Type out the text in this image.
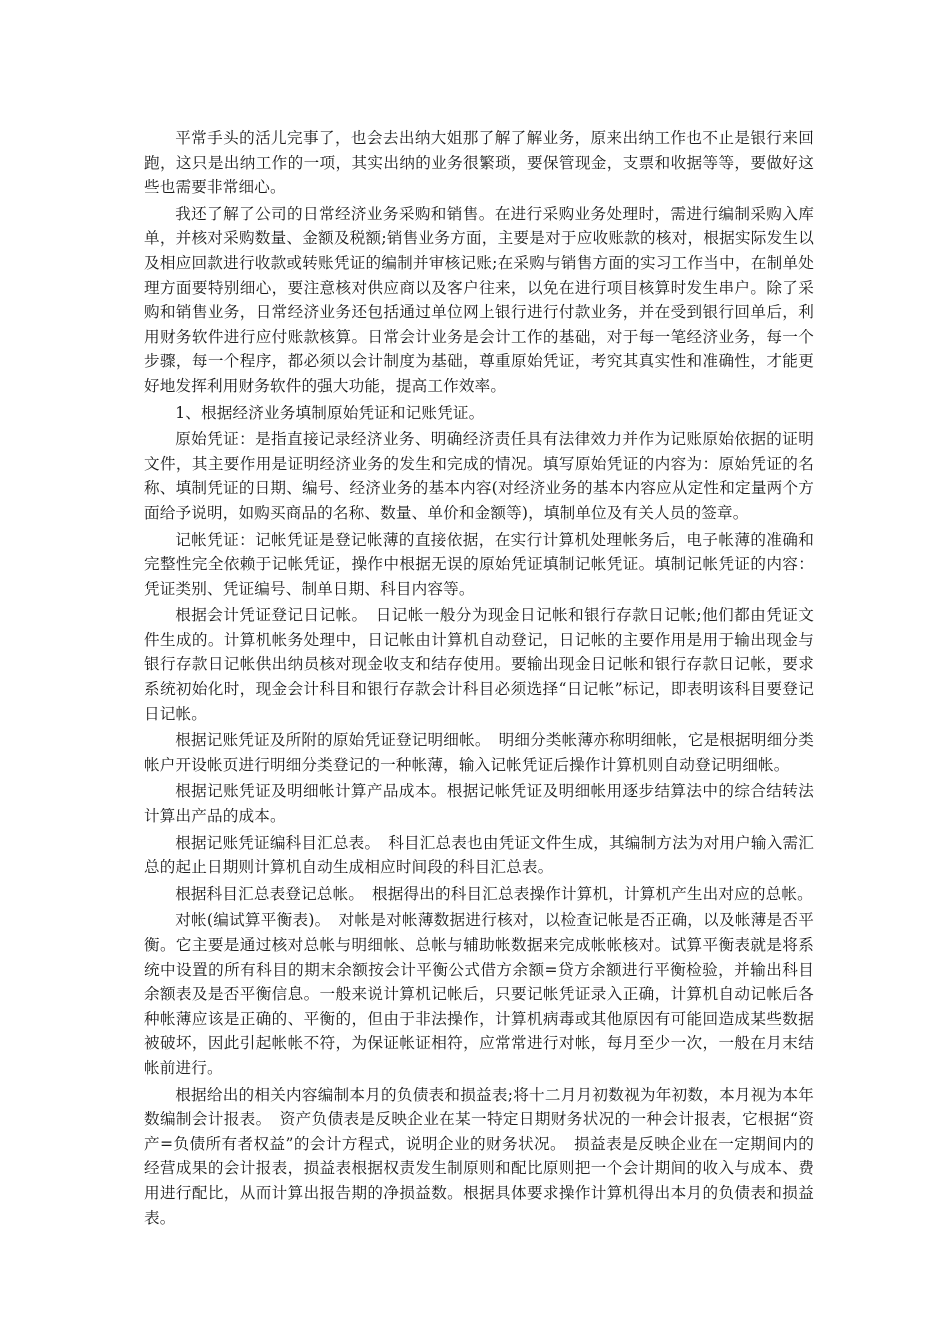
平常手头的活儿完事了，也会去出纳大姐那了解了解业务，原来出纳工作也不止是银行来回跑，这只是出纳工作的一项，其实出纳的业务很繁琐，要保管现金，支票和收据等等，要做好这些也需要非常细心。

我还了解了公司的日常经济业务采购和销售。在进行采购业务处理时，需进行编制采购入库单，并核对采购数量、金额及税额;销售业务方面，主要是对于应收账款的核对，根据实际发生以及相应回款进行收款或转账凭证的编制并审核记账;在采购与销售方面的实习工作当中，在制单处理方面要特别细心，要注意核对供应商以及客户往来，以免在进行项目核算时发生串户。除了采购和销售业务，日常经济业务还包括通过单位网上银行进行付款业务，并在受到银行回单后，利用财务软件进行应付账款核算。日常会计业务是会计工作的基础，对于每一笔经济业务，每一个步骤，每一个程序，都必须以会计制度为基础，尊重原始凭证，考究其真实性和准确性，才能更好地发挥利用财务软件的强大功能，提高工作效率。

1、根据经济业务填制原始凭证和记账凭证。

原始凭证：是指直接记录经济业务、明确经济责任具有法律效力并作为记账原始依据的证明文件，其主要作用是证明经济业务的发生和完成的情况。填写原始凭证的内容为：原始凭证的名称、填制凭证的日期、编号、经济业务的基本内容(对经济业务的基本内容应从定性和定量两个方面给予说明，如购买商品的名称、数量、单价和金额等)，填制单位及有关人员的签章。

记帐凭证：记帐凭证是登记帐薄的直接依据，在实行计算机处理帐务后，电子帐薄的准确和完整性完全依赖于记帐凭证，操作中根据无误的原始凭证填制记帐凭证。填制记帐凭证的内容：凭证类别、凭证编号、制单日期、科目内容等。

根据会计凭证登记日记帐。　日记帐一般分为现金日记帐和银行存款日记帐;他们都由凭证文件生成的。计算机帐务处理中，日记帐由计算机自动登记，日记帐的主要作用是用于输出现金与银行存款日记帐供出纳员核对现金收支和结存使用。要输出现金日记帐和银行存款日记帐，要求系统初始化时，现金会计科目和银行存款会计科目必须选择“日记帐”标记，即表明该科目要登记日记帐。

根据记账凭证及所附的原始凭证登记明细帐。　明细分类帐薄亦称明细帐，它是根据明细分类帐户开设帐页进行明细分类登记的一种帐薄，输入记帐凭证后操作计算机则自动登记明细帐。

根据记账凭证及明细帐计算产品成本。根据记帐凭证及明细帐用逐步结算法中的综合结转法计算出产品的成本。

根据记账凭证编科目汇总表。　科目汇总表也由凭证文件生成，其编制方法为对用户输入需汇总的起止日期则计算机自动生成相应时间段的科目汇总表。

根据科目汇总表登记总帐。　根据得出的科目汇总表操作计算机，计算机产生出对应的总帐。

对帐(编试算平衡表)。　对帐是对帐薄数据进行核对，以检查记帐是否正确，以及帐薄是否平衡。它主要是通过核对总帐与明细帐、总帐与辅助帐数据来完成帐帐核对。试算平衡表就是将系统中设置的所有科目的期末余额按会计平衡公式借方余额=贷方余额进行平衡检验，并输出科目余额表及是否平衡信息。一般来说计算机记帐后，只要记帐凭证录入正确，计算机自动记帐后各种帐薄应该是正确的、平衡的，但由于非法操作，计算机病毒或其他原因有可能回造成某些数据被破坏，因此引起帐帐不符，为保证帐证相符，应常常进行对帐，每月至少一次，一般在月末结帐前进行。

根据给出的相关内容编制本月的负债表和损益表;将十二月月初数视为年初数，本月视为本年数编制会计报表。　资产负债表是反映企业在某一特定日期财务状况的一种会计报表，它根据“资产=负债所有者权益”的会计方程式，说明企业的财务状况。　损益表是反映企业在一定期间内的经营成果的会计报表，损益表根据权责发生制原则和配比原则把一个会计期间的收入与成本、费用进行配比，从而计算出报告期的净损益数。根据具体要求操作计算机得出本月的负债表和损益表。
